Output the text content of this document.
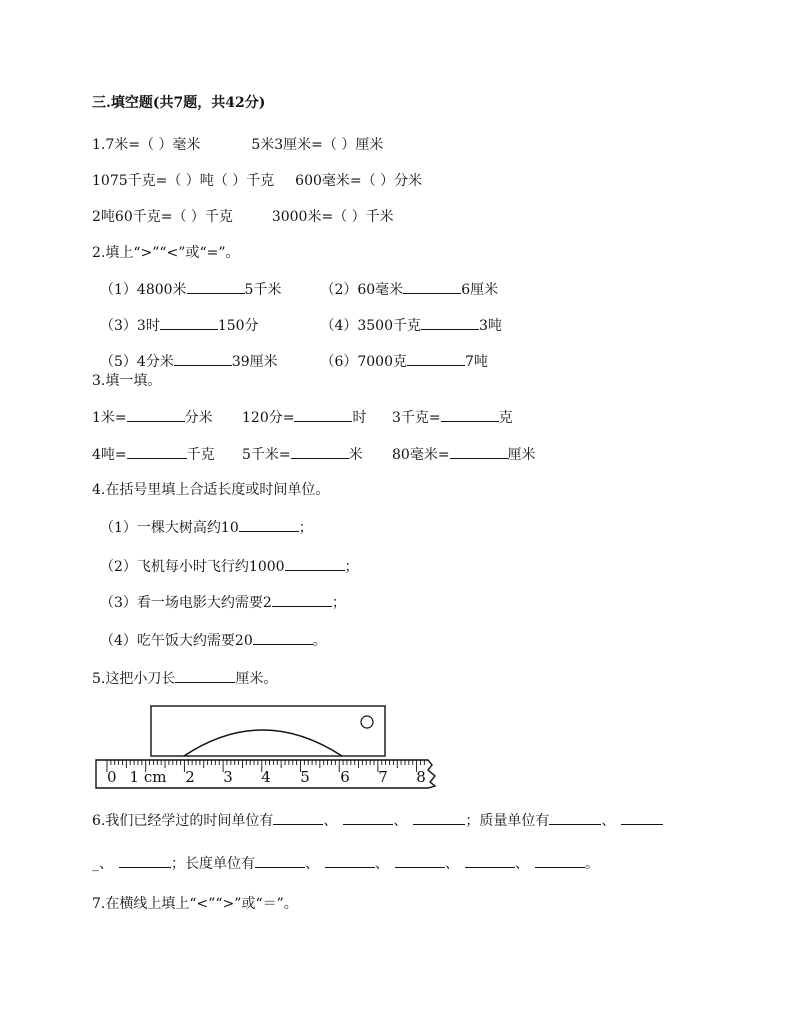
三.填空题(共7题，共42分)
1.7米=（ ）毫米	5米3厘米=（ ）厘米
1075千克=（ ）吨（ ）千克 600毫米=（ ）分米
2吨60千克=（ ）千克	3000米=（ ）千米
2.填上“>”“<”或“=”。
（1）4800米	5千米	（2）60毫米	6厘米
（3）3时	150分	（4）3500千克	3吨
（5）4分米	39厘米	（6）7000克	7吨
3.填一填。
1米=	分米 120分=	时 3千克=	克
4吨=	千克 5千米=	米 80毫米=	厘米
4.在括号里填上合适长度或时间单位。
（1）一棵大树高约10	；
（2）飞机每小时飞行约1000	；
（3）看一场电影大约需要2	；
（4）吃午饭大约需要20	。
5.这把小刀长	厘米。
0 1 cm 2 3 4 5 6 7 8
6.我们已经学过的时间单位有	、	、	；质量单位有	、
_、	；长度单位有	、	、	、	、	。
7.在横线上填上“<”“>”或“＝”。
